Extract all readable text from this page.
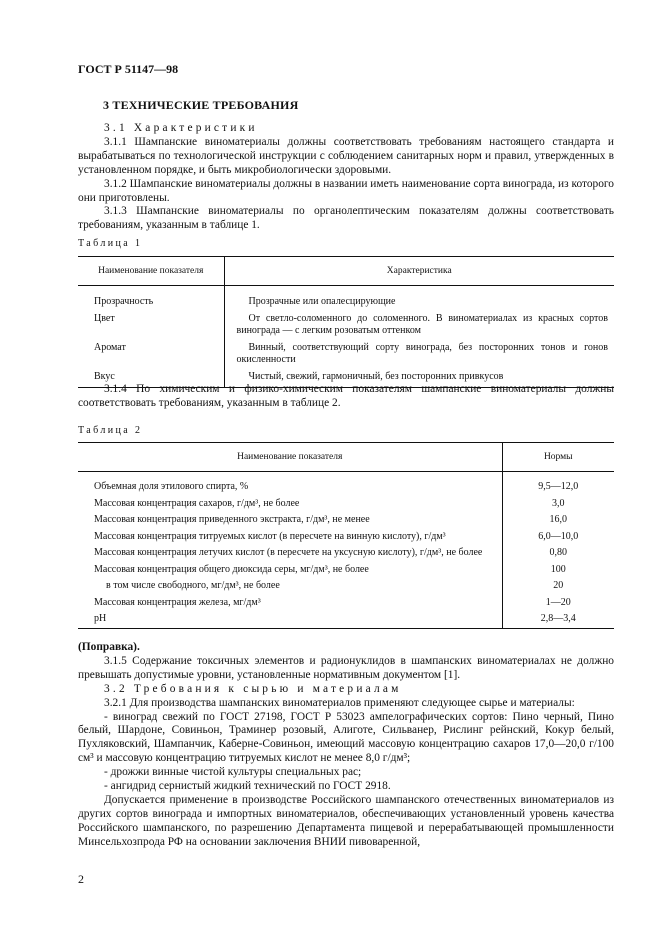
ГОСТ Р 51147—98
3 ТЕХНИЧЕСКИЕ ТРЕБОВАНИЯ

3.1 Характеристики

3.1.1 Шампанские виноматериалы должны соответствовать требованиям настоящего стандарта и вырабатываться по технологической инструкции с соблюдением санитарных норм и правил, утвержденных в установленном порядке, и быть микробиологически здоровыми.

3.1.2 Шампанские виноматериалы должны в названии иметь наименование сорта винограда, из которого они приготовлены.

3.1.3 Шампанские виноматериалы по органолептическим показателям должны соответствовать требованиям, указанным в таблице 1.

Таблица 1
Наименование показателя	Характеристика

Прозрачность	Прозрачные или опалесцирующие
Цвет	От светло-соломенного до соломенного. В виноматериалах из красных сортов винограда — с легким розоватым оттенком
Аромат	Винный, соответствующий сорту винограда, без посторонних тонов и гонов окисленности
Вкус	Чистый, свежий, гармоничный, без посторонних привкусов

3.1.4 По химическим и физико-химическим показателям шампанские виноматериалы должны соответствовать требованиям, указанным в таблице 2.

Таблица 2
Наименование показателя	Нормы

Объемная доля этилового спирта, %	9,5—12,0
Массовая концентрация сахаров, г/дм³, не более	3,0
Массовая концентрация приведенного экстракта, г/дм³, не менее	16,0
Массовая концентрация титруемых кислот (в пересчете на винную кислоту), г/дм³	6,0—10,0
Массовая концентрация летучих кислот (в пересчете на уксусную кислоту), г/дм³, не более	0,80
Массовая концентрация общего диоксида серы, мг/дм³, не более	100
в том числе свободного, мг/дм³, не более	20
Массовая концентрация железа, мг/дм³	1—20
рН	2,8—3,4

(Поправка).

3.1.5 Содержание токсичных элементов и радионуклидов в шампанских виноматериалах не должно превышать допустимые уровни, установленные нормативным документом [1].

3.2 Требования к сырью и материалам

3.2.1 Для производства шампанских виноматериалов применяют следующее сырье и материалы:

- виноград свежий по ГОСТ 27198, ГОСТ Р 53023 ампелографических сортов: Пино черный, Пино белый, Шардоне, Совиньон, Траминер розовый, Алиготе, Сильванер, Рислинг рейнский, Кокур белый, Пухляковский, Шампанчик, Каберне-Совиньон, имеющий массовую концентрацию сахаров 17,0—20,0 г/100 см³ и массовую концентрацию титруемых кислот не менее 8,0 г/дм³;

- дрожжи винные чистой культуры специальных рас;

- ангидрид сернистый жидкий технический по ГОСТ 2918.

Допускается применение в производстве Российского шампанского отечественных виноматериалов из других сортов винограда и импортных виноматериалов, обеспечивающих установленный уровень качества Российского шампанского, по разрешению Департамента пищевой и перерабатывающей промышленности Минсельхозпрода РФ на основании заключения ВНИИ пивоваренной,

2
